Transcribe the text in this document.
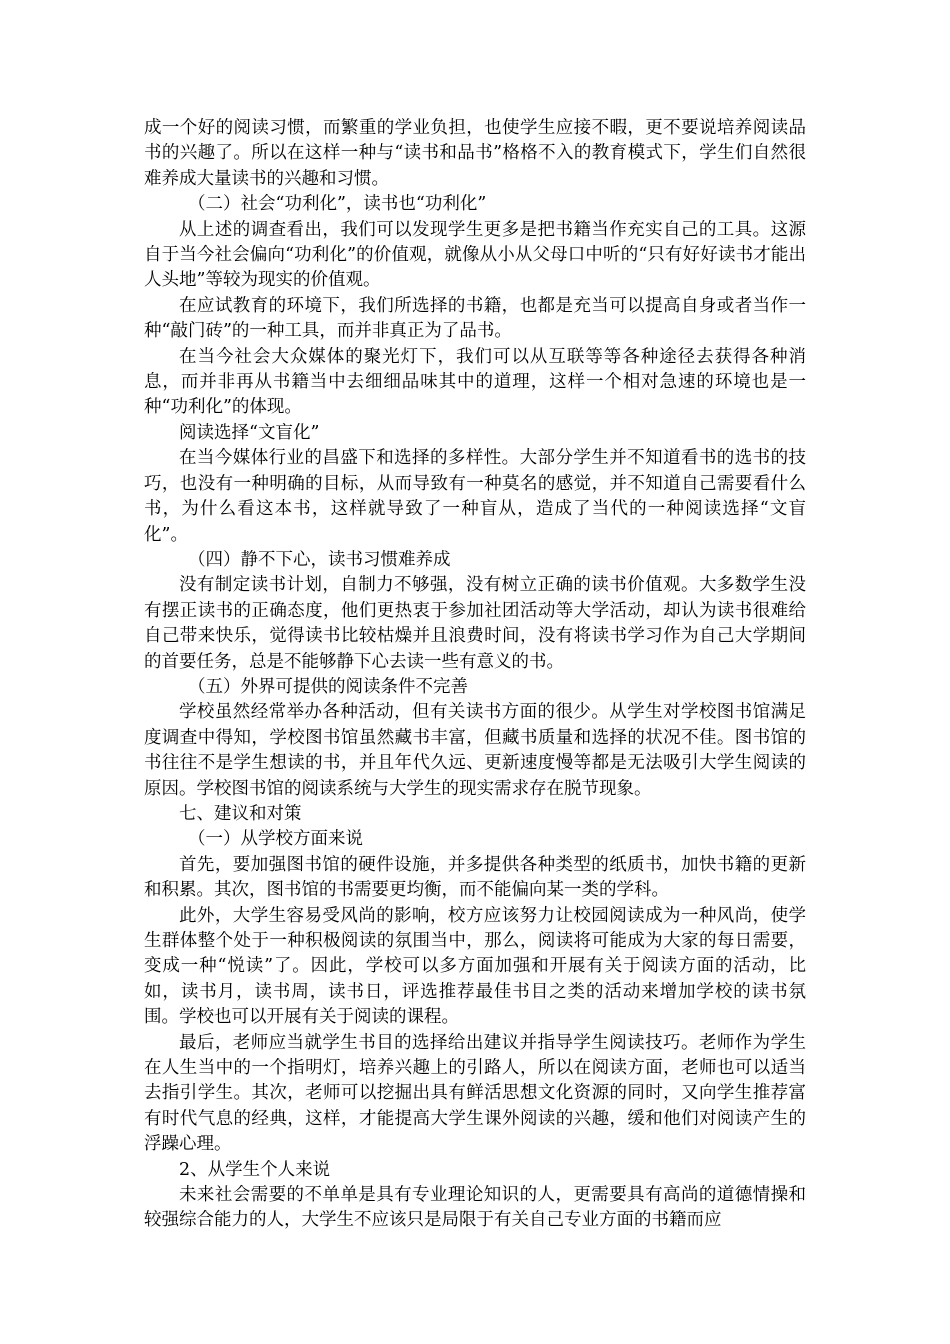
成一个好的阅读习惯，而繁重的学业负担，也使学生应接不暇，更不要说培养阅读品书的兴趣了。所以在这样一种与“读书和品书”格格不入的教育模式下，学生们自然很难养成大量读书的兴趣和习惯。

（二）社会“功利化”，读书也“功利化”

从上述的调查看出，我们可以发现学生更多是把书籍当作充实自己的工具。这源自于当今社会偏向“功利化”的价值观，就像从小从父母口中听的“只有好好读书才能出人头地”等较为现实的价值观。

在应试教育的环境下，我们所选择的书籍，也都是充当可以提高自身或者当作一种“敲门砖”的一种工具，而并非真正为了品书。

在当今社会大众媒体的聚光灯下，我们可以从互联等等各种途径去获得各种消息，而并非再从书籍当中去细细品味其中的道理，这样一个相对急速的环境也是一种“功利化”的体现。

阅读选择“文盲化”

在当今媒体行业的昌盛下和选择的多样性。大部分学生并不知道看书的选书的技巧，也没有一种明确的目标，从而导致有一种莫名的感觉，并不知道自己需要看什么书，为什么看这本书，这样就导致了一种盲从，造成了当代的一种阅读选择“文盲化”。

（四）静不下心，读书习惯难养成

没有制定读书计划，自制力不够强，没有树立正确的读书价值观。大多数学生没有摆正读书的正确态度，他们更热衷于参加社团活动等大学活动，却认为读书很难给自己带来快乐，觉得读书比较枯燥并且浪费时间，没有将读书学习作为自己大学期间的首要任务，总是不能够静下心去读一些有意义的书。

（五）外界可提供的阅读条件不完善

学校虽然经常举办各种活动，但有关读书方面的很少。从学生对学校图书馆满足度调查中得知，学校图书馆虽然藏书丰富，但藏书质量和选择的状况不佳。图书馆的书往往不是学生想读的书，并且年代久远、更新速度慢等都是无法吸引大学生阅读的原因。学校图书馆的阅读系统与大学生的现实需求存在脱节现象。

七、建议和对策

（一）从学校方面来说

首先，要加强图书馆的硬件设施，并多提供各种类型的纸质书，加快书籍的更新和积累。其次，图书馆的书需要更均衡，而不能偏向某一类的学科。

此外，大学生容易受风尚的影响，校方应该努力让校园阅读成为一种风尚，使学生群体整个处于一种积极阅读的氛围当中，那么，阅读将可能成为大家的每日需要，变成一种“悦读”了。因此，学校可以多方面加强和开展有关于阅读方面的活动，比如，读书月，读书周，读书日，评选推荐最佳书目之类的活动来增加学校的读书氛围。学校也可以开展有关于阅读的课程。

最后，老师应当就学生书目的选择给出建议并指导学生阅读技巧。老师作为学生在人生当中的一个指明灯，培养兴趣上的引路人，所以在阅读方面，老师也可以适当去指引学生。其次，老师可以挖掘出具有鲜活思想文化资源的同时，又向学生推荐富有时代气息的经典，这样，才能提高大学生课外阅读的兴趣，缓和他们对阅读产生的浮躁心理。

2、从学生个人来说

未来社会需要的不单单是具有专业理论知识的人，更需要具有高尚的道德情操和较强综合能力的人，大学生不应该只是局限于有关自己专业方面的书籍而应
